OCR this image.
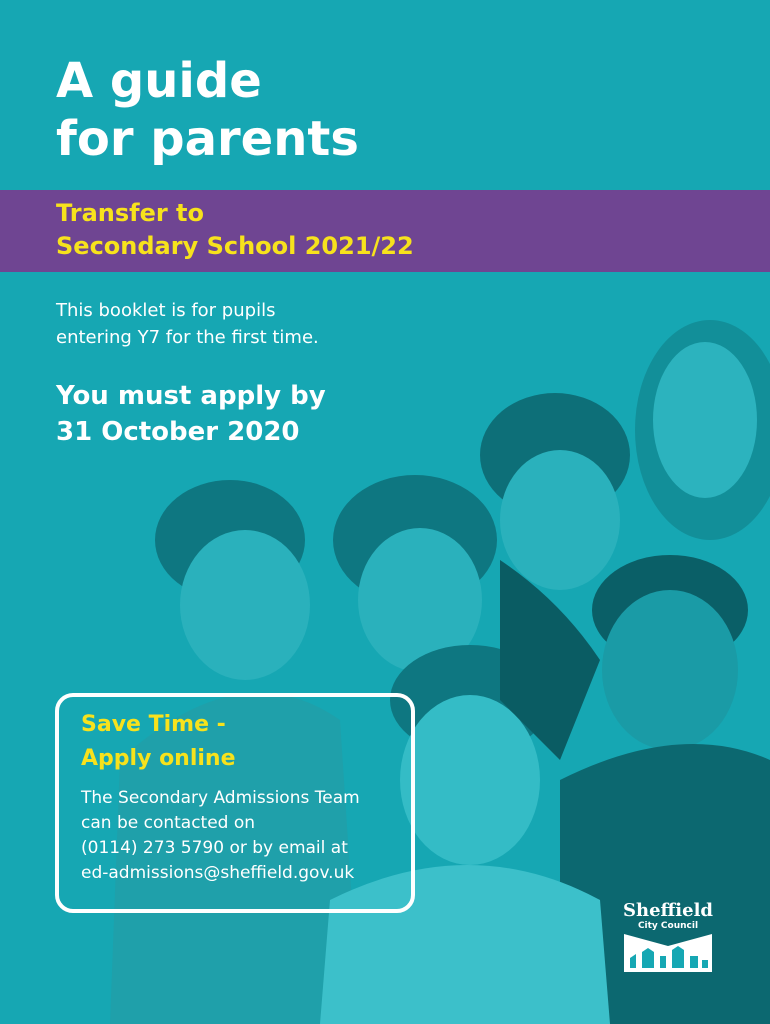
A guide
for parents
Transfer to
Secondary School 2021/22

This booklet is for pupils
entering Y7 for the first time.

You must apply by
31 October 2020

Save Time -
Apply online

The Secondary Admissions Team
can be contacted on
(0114) 273 5790 or by email at
ed-admissions@sheffield.gov.uk

Sheffield
City Council
